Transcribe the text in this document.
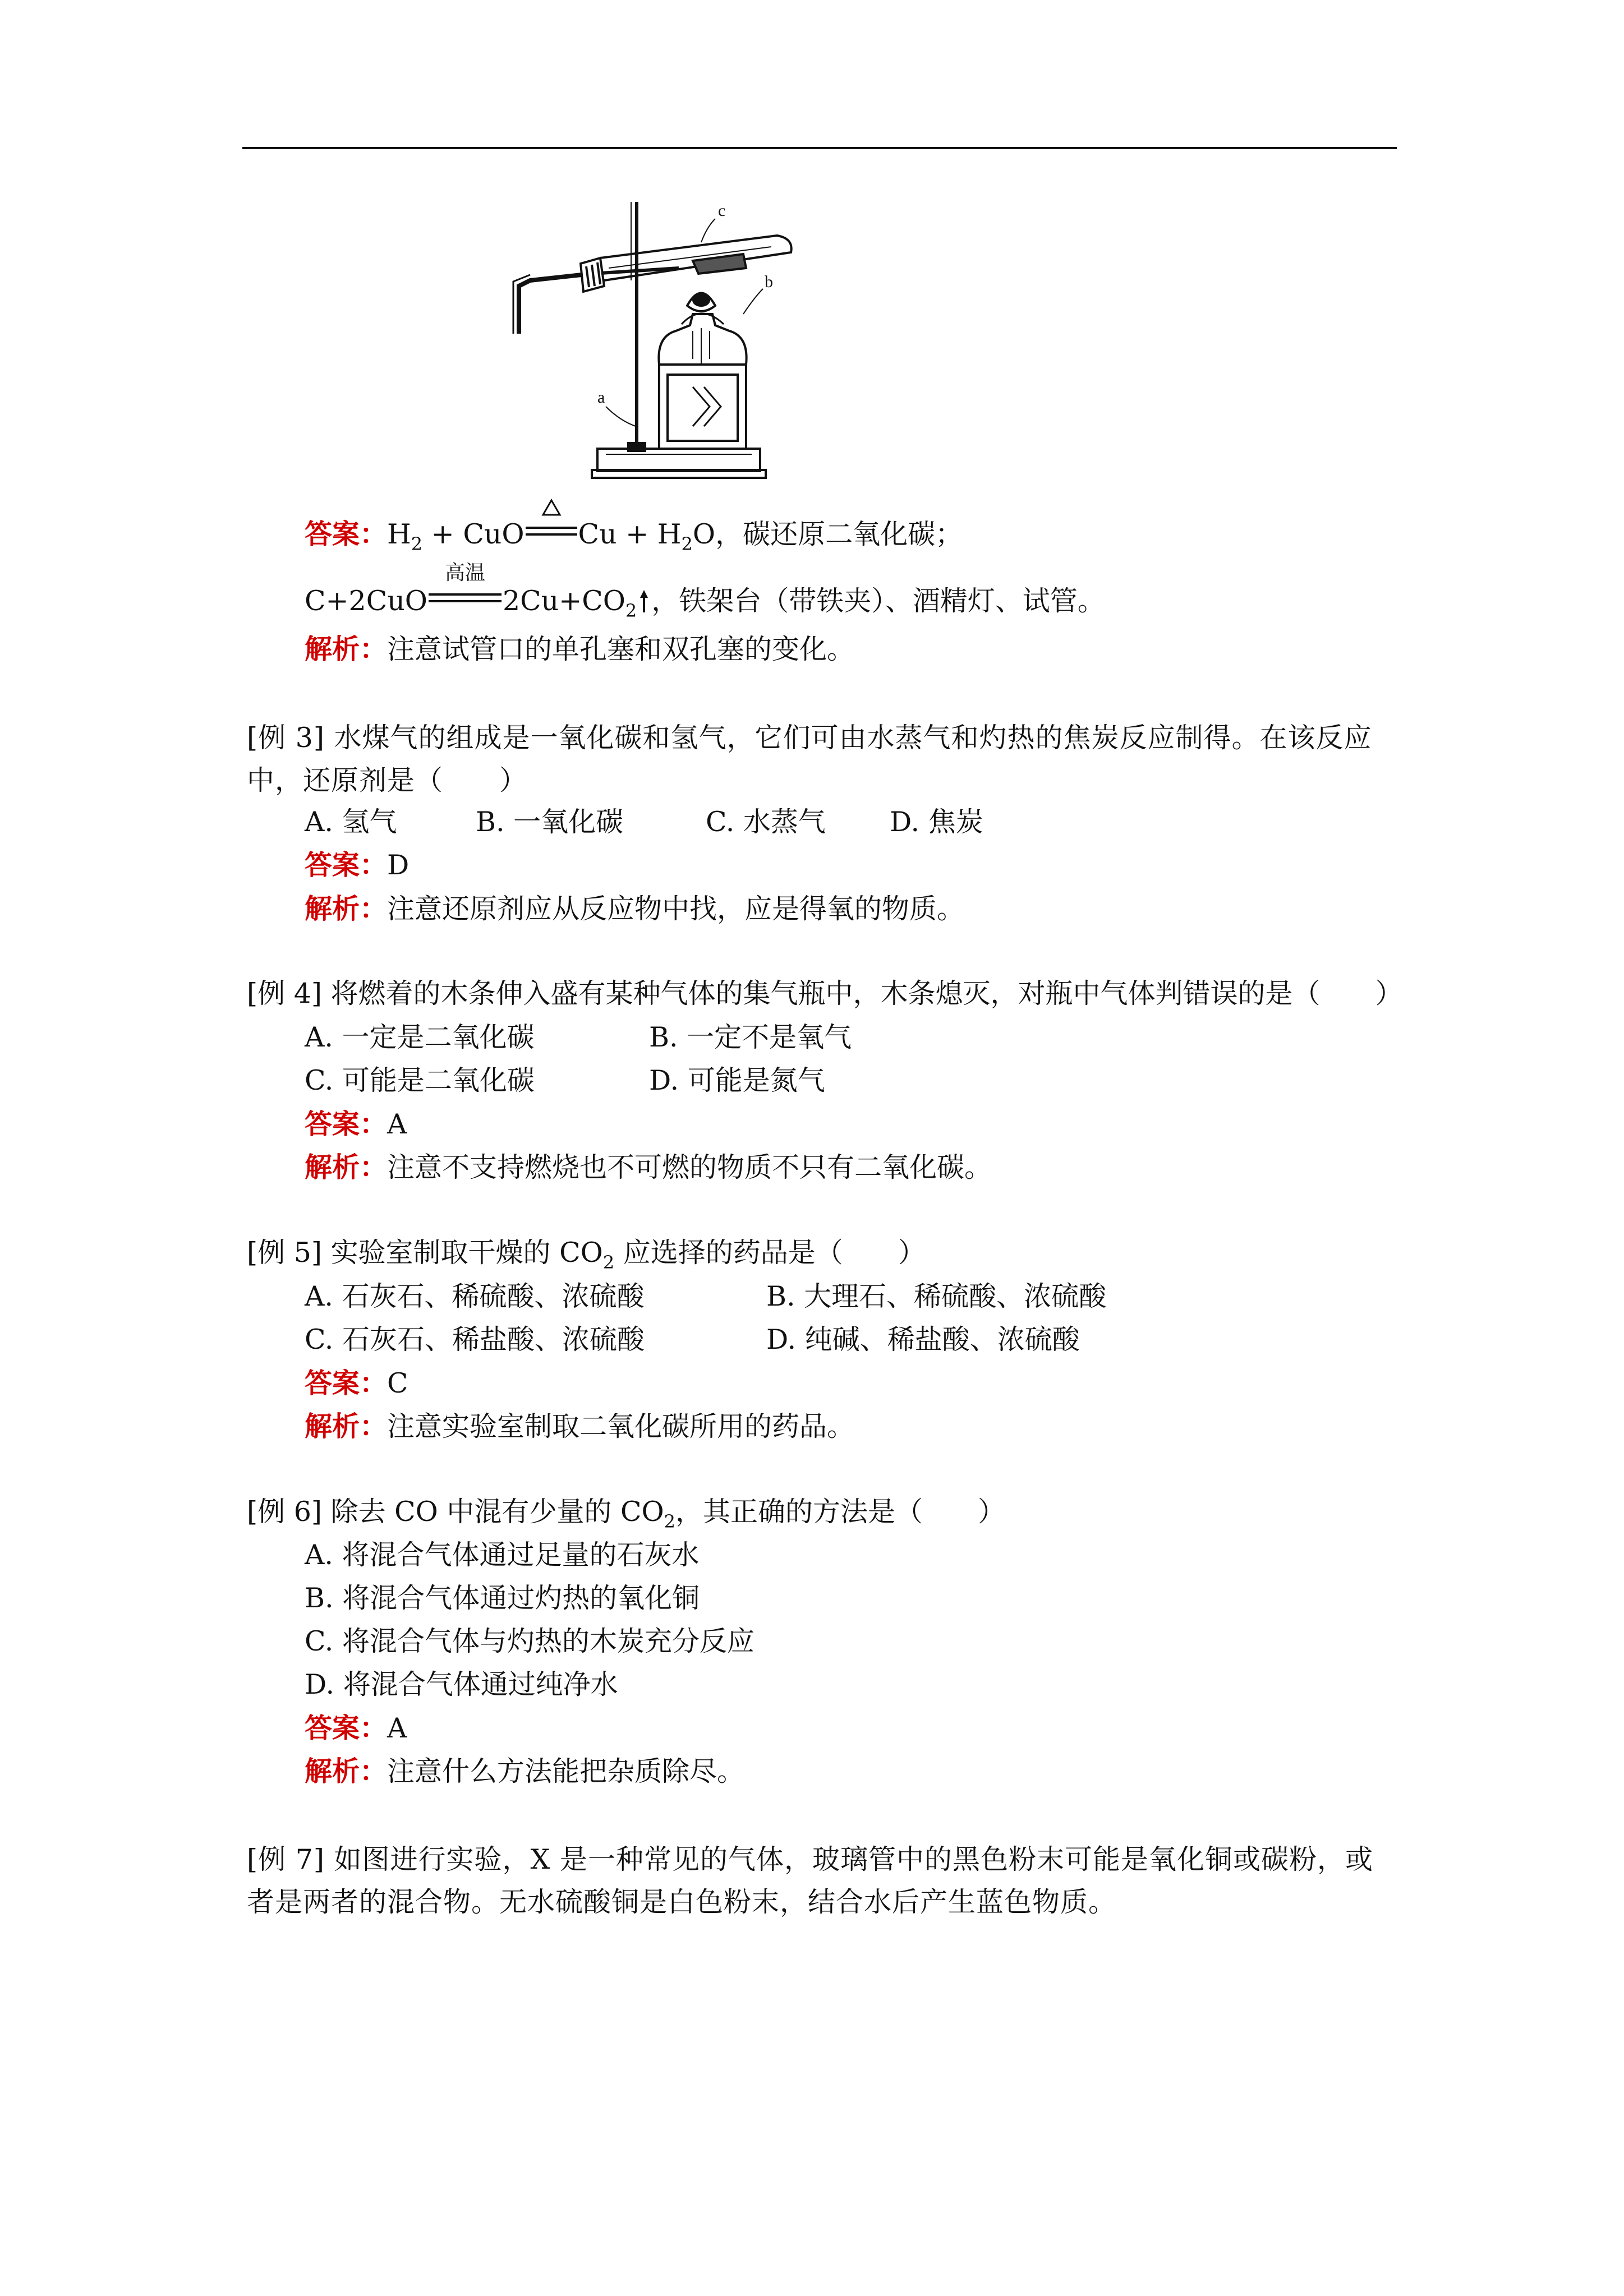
a
b
c
答案：$H_2$ + CuO $Cu + H_2O$，碳还原二氧化碳；
C+2CuO
高温
$2Cu+CO_2$ ，铁架台（带铁夹）、酒精灯、试管。
解析：注意试管口的单孔塞和双孔塞的变化。
[例 3] 水煤气的组成是一氧化碳和氢气，它们可由水蒸气和灼热的焦炭反应制得。在该反应中，还原剂是（　　）
A. 氢气	B. 一氧化碳	C. 水蒸气 D. 焦炭
答案：D
解析：注意还原剂应从反应物中找，应是得氧的物质。
[例 4] 将燃着的木条伸入盛有某种气体的集气瓶中，木条熄灭，对瓶中气体判错误的是（　　）
A. 一定是二氧化碳	B. 一定不是氧气
C. 可能是二氧化碳	D. 可能是氮气
答案：A
解析：注意不支持燃烧也不可燃的物质不只有二氧化碳。
[例 5] 实验室制取干燥的 $CO_2$ 应选择的药品是（　　）
A. 石灰石、稀硫酸、浓硫酸	B. 大理石、稀硫酸、浓硫酸
C. 石灰石、稀盐酸、浓硫酸	D. 纯碱、稀盐酸、浓硫酸
答案：C
解析：注意实验室制取二氧化碳所用的药品。
[例 6] 除去 CO 中混有少量的 $CO_2$，其正确的方法是（　　）
A. 将混合气体通过足量的石灰水
B. 将混合气体通过灼热的氧化铜
C. 将混合气体与灼热的木炭充分反应
D. 将混合气体通过纯净水
答案：A
解析：注意什么方法能把杂质除尽。
[例 7] 如图进行实验，X 是一种常见的气体，玻璃管中的黑色粉末可能是氧化铜或碳粉，或者是两者的混合物。无水硫酸铜是白色粉末，结合水后产生蓝色物质。
